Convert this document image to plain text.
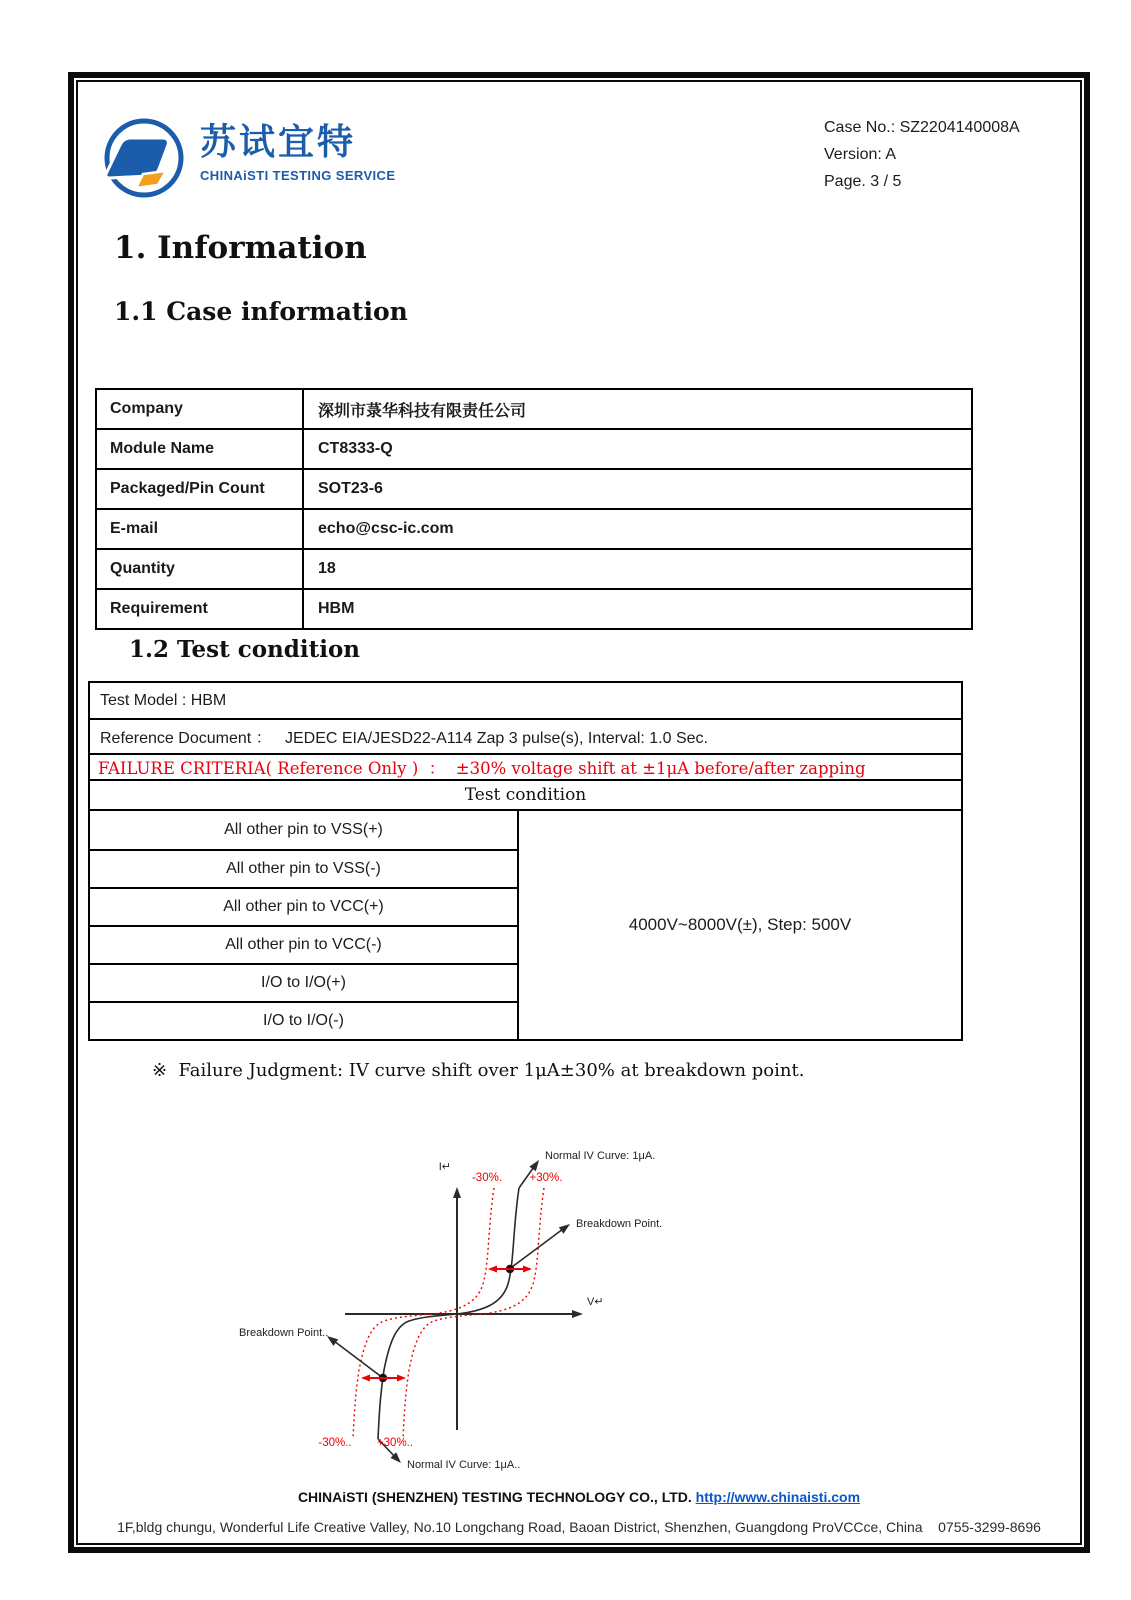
苏试宜特
CHINAiSTI TESTING SERVICE
Case No.: SZ2204140008A
Version: A
Page. 3 / 5
1. Information
1.1 Case information
Company	深圳市菉华科技有限责任公司
Module Name	CT8333-Q
Packaged/Pin Count	SOT23-6
E-mail	echo@csc-ic.com
Quantity	18
Requirement	HBM
1.2 Test condition
Test Model : HBM
Reference Document ：   JEDEC EIA/JESD22-A114 Zap 3 pulse(s), Interval: 1.0 Sec.
FAILURE CRITERIA( Reference Only )  ：  ±30% voltage shift at ±1μA before/after zapping
Test condition
All other pin to VSS(+)
All other pin to VSS(-)
All other pin to VCC(+)
All other pin to VCC(-)
I/O to I/O(+)
I/O to I/O(-)
4000V~8000V(±), Step: 500V
※  Failure Judgment: IV curve shift over 1μA±30% at breakdown point.
I↵
V↵
Normal IV Curve: 1μA.
Breakdown Point.
Breakdown Point..
Normal IV Curve: 1μA..
-30%. +30%.
-30%.. +30%..
CHINAiSTI (SHENZHEN) TESTING TECHNOLOGY CO., LTD. http://www.chinaisti.com
1F,bldg chungu, Wonderful Life Creative Valley, No.10 Longchang Road, Baoan District, Shenzhen, Guangdong ProVCCce, China    0755-3299-8696
